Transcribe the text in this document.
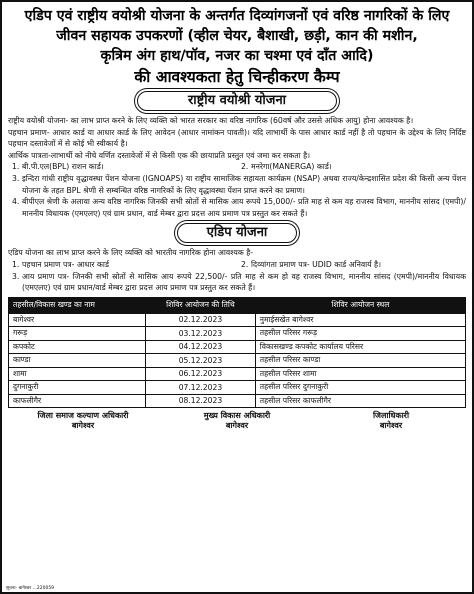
एडिप एवं राष्ट्रीय वयोश्री योजना के अन्तर्गत दिव्यांगजनों एवं वरिष्ठ नागरिकों के लिए
जीवन सहायक उपकरणों (व्हील चेयर, बैशाखी, छड़ी, कान की मशीन,
कृत्रिम अंग हाथ/पॉव, नजर का चश्मा एवं दाँत आदि)
की आवश्यकता हेतु चिन्हीकरण कैम्प
राष्ट्रीय वयोश्री योजना
राष्ट्रीय वयोश्री योजना- का लाभ प्राप्त करने के लिए व्यक्ति को भारत सरकार का वरिष्ठ नागरिक (60वर्ष और उससे अधिक आयु) होना आवश्यक है।
पहचान प्रमाण- आधार कार्ड या आधार कार्ड के लिए आवेदन (आधार नामांकन पावती)। यदि लाभार्थी के पास आधार कार्ड नहीं है तो पहचान के उद्देश्य के लिए निर्दिष्ट पहचान दस्तावेजों में से कोई भी स्वीकार्य है।
आर्थिक पात्रता-लाभार्थी को नीचे वर्णित दस्तावेजों में से किसी एक की छायाप्रति प्रस्तुत एवं जमा कर सकता है।
1. बी.पी.एल(BPL) राशन कार्ड।	2. मनरेगा(MANERGA) कार्ड।
3. इन्दिरा गांधी राष्ट्रीय वृद्धावस्था पेंशन योजना (IGNOAPS) या राष्ट्रीय सामाजिक सहायता कार्यक्रम (NSAP) अथवा राज्य/केन्द्रशासित प्रदेश की किसी अन्य पेंशन योजना के तहत BPL श्रेणी से सम्बन्धित वरिष्ठ नागरिकों के लिए वृद्धावस्था पेंशन प्राप्त करने का प्रमाण।
4. बीपीएल श्रेणी के अलावा अन्य वरिष्ठ नागरिक जिनकी सभी स्रोतों से मासिक आय रूपये 15,000/- प्रति माह से कम वह राजस्व विभाग, माननीय सांसद (एमपी)/माननीय विधायक (एमएलए) एवं ग्राम प्रधान, वार्ड मेम्बर द्वारा प्रदत्त आय प्रमाण पत्र प्रस्तुत कर सकते हैं।
एडिप योजना
एडिप योजना का लाभ प्राप्त करने के लिए व्यक्ति को भारतीय नागरिक होना आवश्यक है-
1. पहचान प्रमाण पत्र- आधार कार्ड	2. दिव्यांगता प्रमाण पत्र- UDID कार्ड अनिवार्य है।
3. आय प्रमाण पत्र- जिनकी सभी स्रोतों से मासिक आय रूपये 22,500/- प्रति माह से कम हो वह राजस्व विभाग, माननीय सांसद (एमपी)/माननीय विधायक (एमएलए) एवं ग्राम प्रधान/वार्ड मेम्बर द्वारा प्रदत्त आय प्रमाण पत्र प्रस्तुत कर सकते हैं।
तहसील/विकास खण्ड का नाम	शिविर आयोजन की तिथि	शिविर आयोजन स्थल
बागेश्वर	02.12.2023	नुमाईसखेत बागेश्वर
गरूड़	03.12.2023	तहसील परिसर गरूड़
कपकोट	04.12.2023	विकासखण्ड कपकोट कार्यालय परिसर
काण्डा	05.12.2023	तहसील परिसर काण्डा
शामा	06.12.2023	तहसील परिसर शामा
दुगनाकुरी	07.12.2023	तहसील परिसर दुगनाकुरी
काफलीगैर	08.12.2023	तहसील परिसर काफलीगैर
जिला समाज कल्याण अधिकारी
बागेश्वर
मुख्य विकास अधिकारी
बागेश्वर
जिलाधिकारी
बागेश्वर
सूचना- बागेश्वर ...220059
